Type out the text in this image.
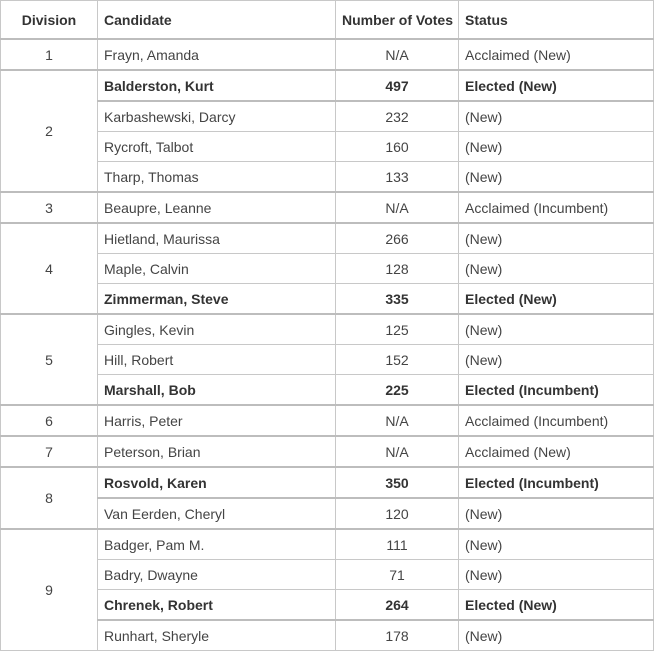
Division	Candidate	Number of Votes	Status
1	Frayn, Amanda	N/A	Acclaimed (New)
2	Balderston, Kurt	497	Elected (New)
	Karbashewski, Darcy	232	(New)
	Rycroft, Talbot	160	(New)
	Tharp, Thomas	133	(New)
3	Beaupre, Leanne	N/A	Acclaimed (Incumbent)
4	Hietland, Maurissa	266	(New)
	Maple, Calvin	128	(New)
	Zimmerman, Steve	335	Elected (New)
5	Gingles, Kevin	125	(New)
	Hill, Robert	152	(New)
	Marshall, Bob	225	Elected (Incumbent)
6	Harris, Peter	N/A	Acclaimed (Incumbent)
7	Peterson, Brian	N/A	Acclaimed (New)
8	Rosvold, Karen	350	Elected (Incumbent)
	Van Eerden, Cheryl	120	(New)
9	Badger, Pam M.	111	(New)
	Badry, Dwayne	71	(New)
	Chrenek, Robert	264	Elected (New)
	Runhart, Sheryle	178	(New)
